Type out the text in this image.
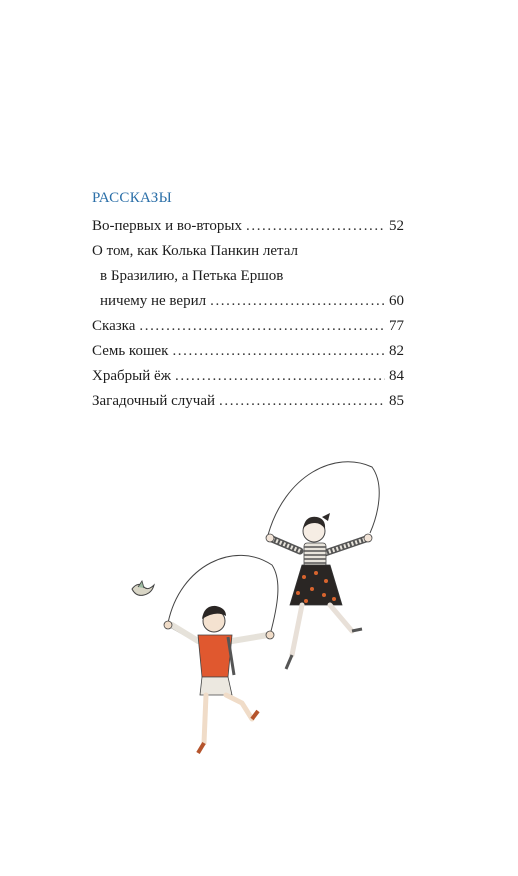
РАССКАЗЫ
Во-первых и во-вторых .....	52
О том, как Колька Панкин летал
в Бразилию, а Петька Ершов
ничему не верил .....	60
Сказка .....	77
Семь кошек .....	82
Храбрый ёж .....	84
Загадочный случай .....	85
